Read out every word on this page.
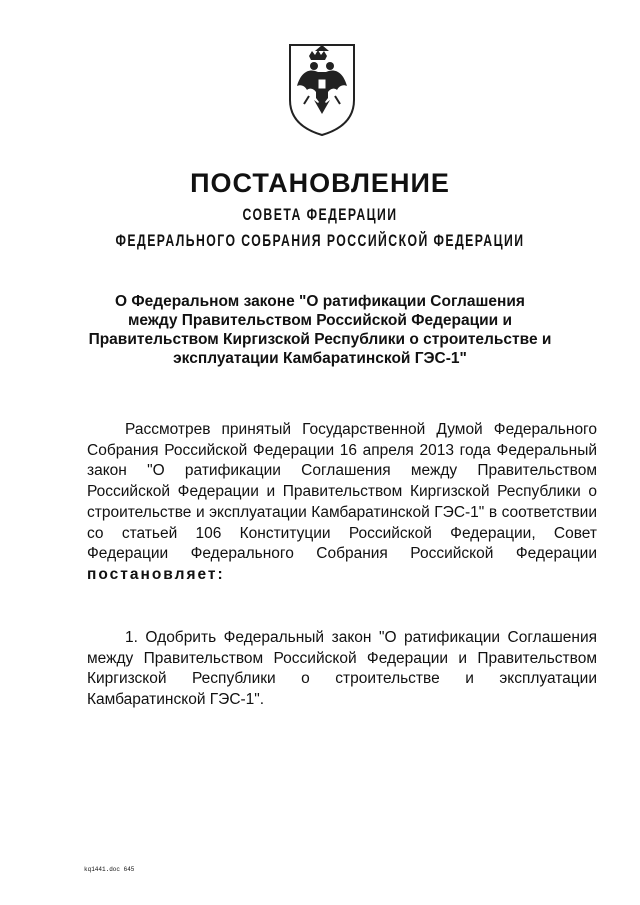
ПОСТАНОВЛЕНИЕ
СОВЕТА ФЕДЕРАЦИИ
ФЕДЕРАЛЬНОГО СОБРАНИЯ РОССИЙСКОЙ ФЕДЕРАЦИИ
О Федеральном законе "О ратификации Соглашения
между Правительством Российской Федерации и
Правительством Киргизской Республики о строительстве и
эксплуатации Камбаратинской ГЭС-1"

Рассмотрев принятый Государственной Думой Федерального Собрания Российской Федерации 16 апреля 2013 года Федеральный закон "О ратификации Соглашения между Правительством Российской Федерации и Правительством Киргизской Республики о строительстве и эксплуатации Камбаратинской ГЭС-1" в соответствии со статьей 106 Конституции Российской Федерации, Совет Федерации Федерального Собрания Российской Федерации постановляет:

1. Одобрить Федеральный закон "О ратификации Соглашения между Правительством Российской Федерации и Правительством Киргизской Республики о строительстве и эксплуатации Камбаратинской ГЭС-1".

kq1441.doc 645
